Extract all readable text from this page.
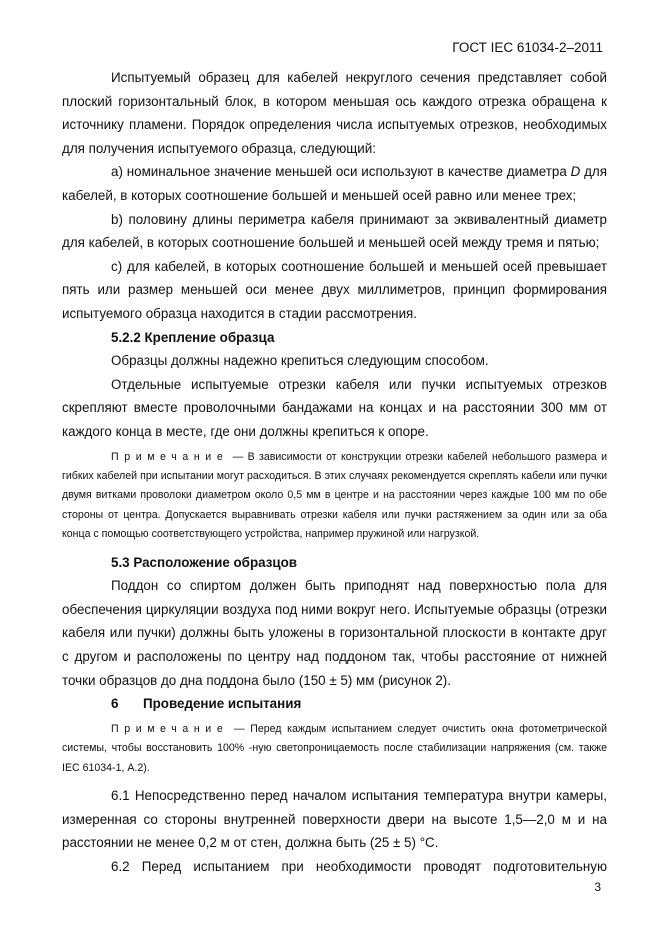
ГОСТ IEC 61034-2–2011

Испытуемый образец для кабелей некруглого сечения представляет собой плоский горизонтальный блок, в котором меньшая ось каждого отрезка обращена к источнику пламени. Порядок определения числа испытуемых отрезков, необходимых для получения испытуемого образца, следующий:

a) номинальное значение меньшей оси используют в качестве диаметра D для кабелей, в которых соотношение большей и меньшей осей равно или менее трех;

b) половину длины периметра кабеля принимают за эквивалентный диаметр для кабелей, в которых соотношение большей и меньшей осей между тремя и пятью;

c) для кабелей, в которых соотношение большей и меньшей осей превышает пять или размер меньшей оси менее двух миллиметров, принцип формирования испытуемого образца находится в стадии рассмотрения.

5.2.2 Крепление образца

Образцы должны надежно крепиться следующим способом.

Отдельные испытуемые отрезки кабеля или пучки испытуемых отрезков скрепляют вместе проволочными бандажами на концах и на расстоянии 300 мм от каждого конца в месте, где они должны крепиться к опоре.

Примечание — В зависимости от конструкции отрезки кабелей небольшого размера и гибких кабелей при испытании могут расходиться. В этих случаях рекомендуется скреплять кабели или пучки двумя витками проволоки диаметром около 0,5 мм в центре и на расстоянии через каждые 100 мм по обе стороны от центра. Допускается выравнивать отрезки кабеля или пучки растяжением за один или за оба конца с помощью соответствующего устройства, например пружиной или нагрузкой.

5.3 Расположение образцов

Поддон со спиртом должен быть приподнят над поверхностью пола для обеспечения циркуляции воздуха под ними вокруг него. Испытуемые образцы (отрезки кабеля или пучки) должны быть уложены в горизонтальной плоскости в контакте друг с другом и расположены по центру над поддоном так, чтобы расстояние от нижней точки образцов до дна поддона было (150 ± 5) мм (рисунок 2).

6 Проведение испытания

Примечание — Перед каждым испытанием следует очистить окна фотометрической системы, чтобы восстановить 100% -ную светопроницаемость после стабилизации напряжения (см. также IEC 61034-1, А.2).

6.1 Непосредственно перед началом испытания температура внутри камеры, измеренная со стороны внутренней поверхности двери на высоте 1,5—2,0 м и на расстоянии не менее 0,2 м от стен, должна быть (25 ± 5) °С.

6.2 Перед испытанием при необходимости проводят подготовительную

3
